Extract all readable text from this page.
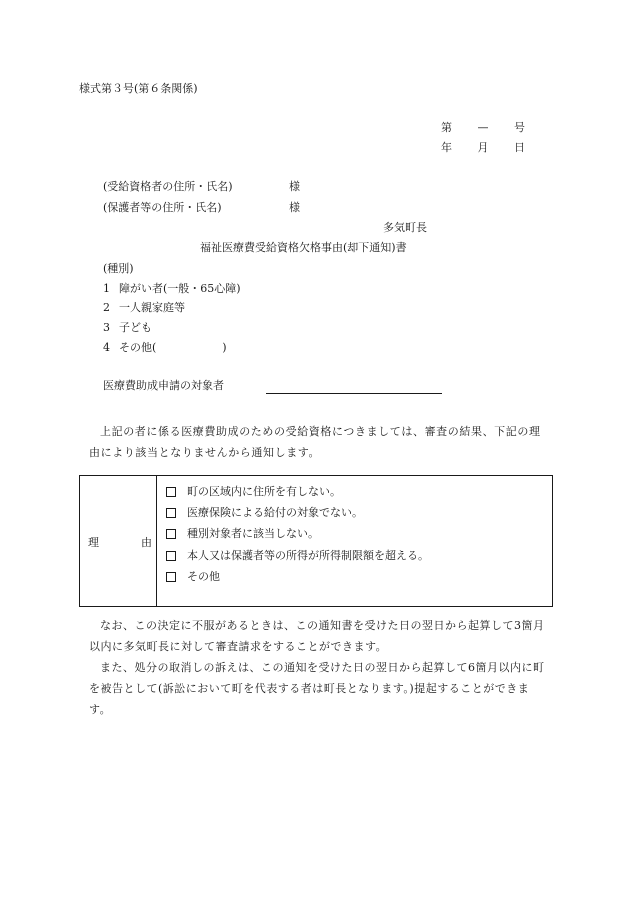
様式第３号(第６条関係)
第 — 号
年 月 日
(受給資格者の住所・氏名)	様
(保護者等の住所・氏名)	様
多気町長
福祉医療費受給資格欠格事由(却下通知)書
(種別)
1 障がい者(一般・65心障)
2 一人親家庭等
3 子ども
4 その他(　　　　　　)
医療費助成申請の対象者
上記の者に係る医療費助成のための受給資格につきましては、審査の結果、下記の理由により該当となりませんから通知します。
理	由
町の区域内に住所を有しない。
医療保険による給付の対象でない。
種別対象者に該当しない。
本人又は保護者等の所得が所得制限額を超える。
その他
なお、この決定に不服があるときは、この通知書を受けた日の翌日から起算して3箇月以内に多気町長に対して審査請求をすることができます。
また、処分の取消しの訴えは、この通知を受けた日の翌日から起算して6箇月以内に町を被告として(訴訟において町を代表する者は町長となります。)提起することができます。
